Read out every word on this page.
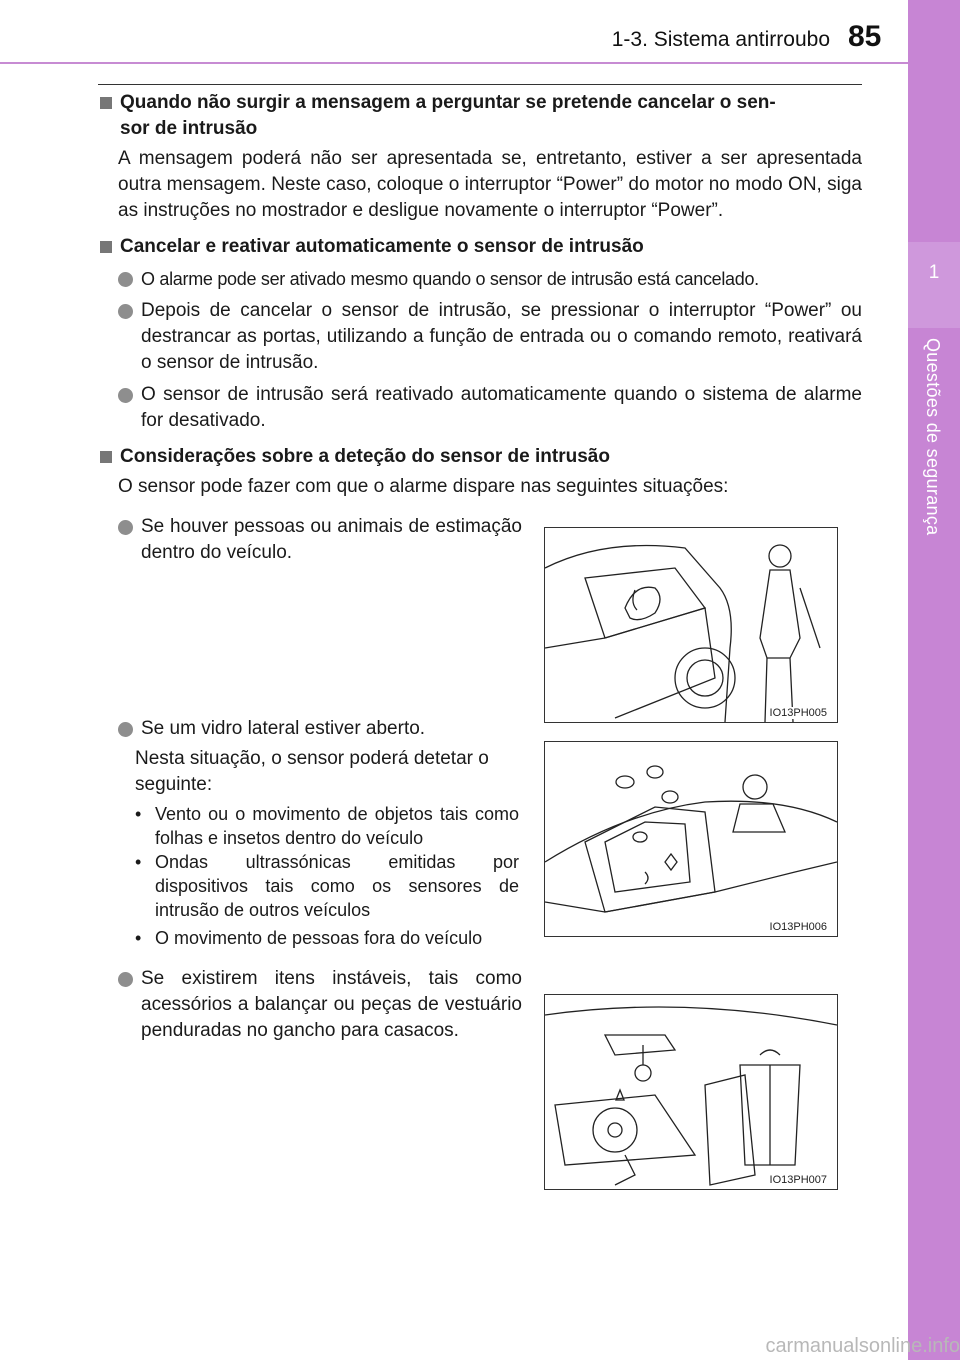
1-3. Sistema antirroubo 85
1
Questões de segurança
Quando não surgir a mensagem a perguntar se pretende cancelar o sen-
sor de intrusão
A mensagem poderá não ser apresentada se, entretanto, estiver a ser apresentada outra mensagem. Neste caso, coloque o interruptor “Power” do motor no modo ON, siga as instruções no mostrador e desligue novamente o interruptor “Power”.
Cancelar e reativar automaticamente o sensor de intrusão
O alarme pode ser ativado mesmo quando o sensor de intrusão está cancelado.
Depois de cancelar o sensor de intrusão, se pressionar o interruptor “Power” ou destrancar as portas, utilizando a função de entrada ou o comando remoto, reativará o sensor de intrusão.
O sensor de intrusão será reativado automaticamente quando o sistema de alarme for desativado.
Considerações sobre a deteção do sensor de intrusão
O sensor pode fazer com que o alarme dispare nas seguintes situações:
Se houver pessoas ou animais de estimação dentro do veículo.
Se um vidro lateral estiver aberto.
Nesta situação, o sensor poderá detetar o seguinte:
• Vento ou o movimento de objetos tais como folhas e insetos dentro do veículo
• Ondas ultrassónicas emitidas por dispositivos tais como os sensores de intrusão de outros veículos
• O movimento de pessoas fora do veículo
Se existirem itens instáveis, tais como acessórios a balançar ou peças de vestuário penduradas no gancho para casacos.
IO13PH005
IO13PH006
IO13PH007
carmanualsonline.info
